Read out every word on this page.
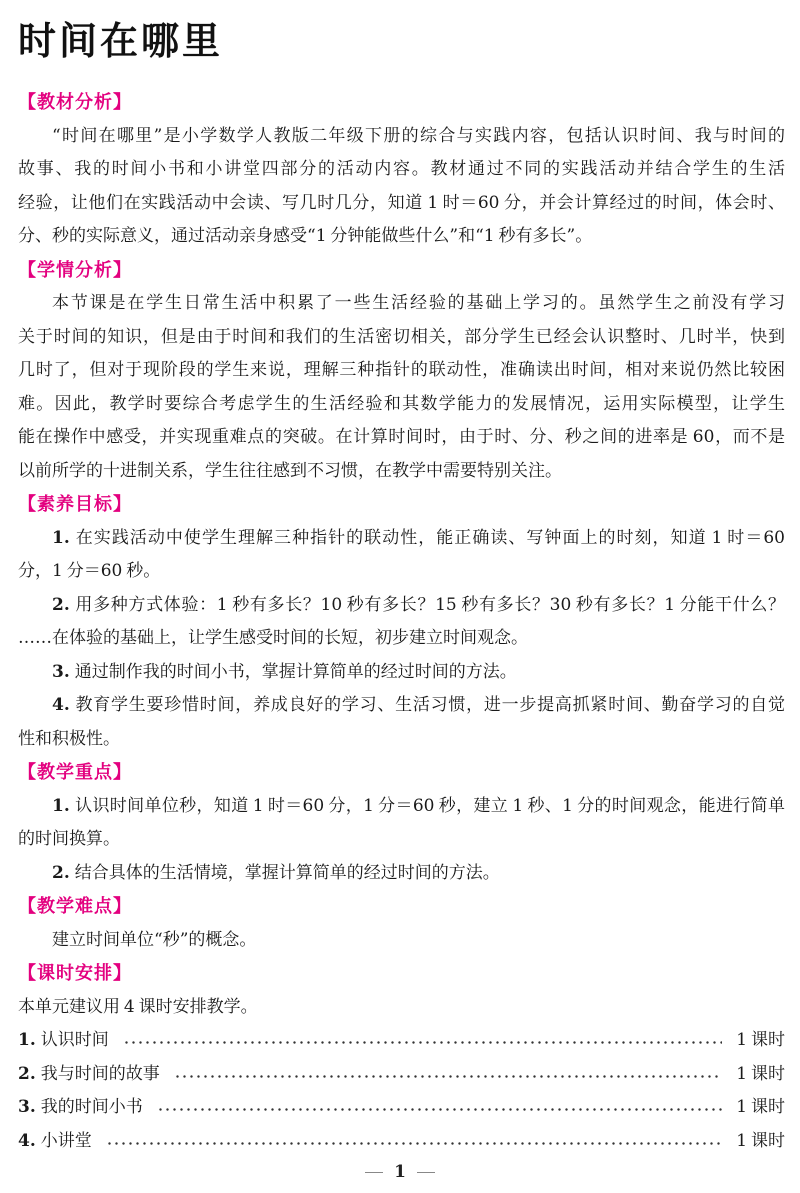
时间在哪里
【教材分析】
“时间在哪里”是小学数学人教版二年级下册的综合与实践内容，包括认识时间、我与时间的
故事、我的时间小书和小讲堂四部分的活动内容。教材通过不同的实践活动并结合学生的生活
经验，让他们在实践活动中会读、写几时几分，知道 1 时＝60 分，并会计算经过的时间，体会时、
分、秒的实际意义，通过活动亲身感受“1 分钟能做些什么”和“1 秒有多长”。
【学情分析】
本节课是在学生日常生活中积累了一些生活经验的基础上学习的。虽然学生之前没有学习
关于时间的知识，但是由于时间和我们的生活密切相关，部分学生已经会认识整时、几时半，快到
几时了，但对于现阶段的学生来说，理解三种指针的联动性，准确读出时间，相对来说仍然比较困
难。因此，教学时要综合考虑学生的生活经验和其数学能力的发展情况，运用实际模型，让学生
能在操作中感受，并实现重难点的突破。在计算时间时，由于时、分、秒之间的进率是 60，而不是
以前所学的十进制关系，学生往往感到不习惯，在教学中需要特别关注。
【素养目标】
1. 在实践活动中使学生理解三种指针的联动性，能正确读、写钟面上的时刻，知道 1 时＝60
分，1 分＝60 秒。
2. 用多种方式体验：1 秒有多长？10 秒有多长？15 秒有多长？30 秒有多长？1 分能干什么？
……在体验的基础上，让学生感受时间的长短，初步建立时间观念。
3. 通过制作我的时间小书，掌握计算简单的经过时间的方法。
4. 教育学生要珍惜时间，养成良好的学习、生活习惯，进一步提高抓紧时间、勤奋学习的自觉
性和积极性。
【教学重点】
1. 认识时间单位秒，知道 1 时＝60 分，1 分＝60 秒，建立 1 秒、1 分的时间观念，能进行简单
的时间换算。
2. 结合具体的生活情境，掌握计算简单的经过时间的方法。
【教学难点】
建立时间单位“秒”的概念。
【课时安排】
本单元建议用 4 课时安排教学。
1. 认识时间	1 课时
2. 我与时间的故事	1 课时
3. 我的时间小书	1 课时
4. 小讲堂	1 课时
1
